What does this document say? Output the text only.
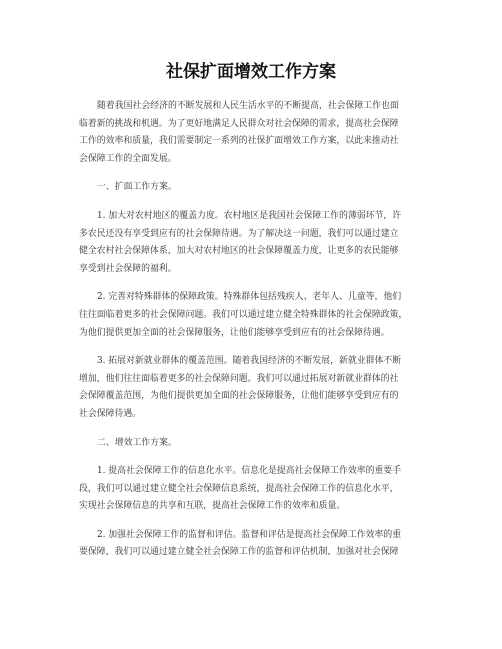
社保扩面增效工作方案

随着我国社会经济的不断发展和人民生活水平的不断提高，社会保障工作也面
临着新的挑战和机遇。为了更好地满足人民群众对社会保障的需求，提高社会保障
工作的效率和质量，我们需要制定一系列的社保扩面增效工作方案，以此来推动社
会保障工作的全面发展。

一、扩面工作方案。

1. 加大对农村地区的覆盖力度。农村地区是我国社会保障工作的薄弱环节，许
多农民还没有享受到应有的社会保障待遇。为了解决这一问题，我们可以通过建立
健全农村社会保障体系，加大对农村地区的社会保障覆盖力度，让更多的农民能够
享受到社会保障的福利。

2. 完善对特殊群体的保障政策。特殊群体包括残疾人、老年人、儿童等，他们
往往面临着更多的社会保障问题。我们可以通过建立健全特殊群体的社会保障政策，
为他们提供更加全面的社会保障服务，让他们能够享受到应有的社会保障待遇。

3. 拓展对新就业群体的覆盖范围。随着我国经济的不断发展，新就业群体不断
增加，他们往往面临着更多的社会保障问题。我们可以通过拓展对新就业群体的社
会保障覆盖范围，为他们提供更加全面的社会保障服务，让他们能够享受到应有的
社会保障待遇。

二、增效工作方案。

1. 提高社会保障工作的信息化水平。信息化是提高社会保障工作效率的重要手
段，我们可以通过建立健全社会保障信息系统，提高社会保障工作的信息化水平，
实现社会保障信息的共享和互联，提高社会保障工作的效率和质量。

2. 加强社会保障工作的监督和评估。监督和评估是提高社会保障工作效率的重
要保障，我们可以通过建立健全社会保障工作的监督和评估机制，加强对社会保障
